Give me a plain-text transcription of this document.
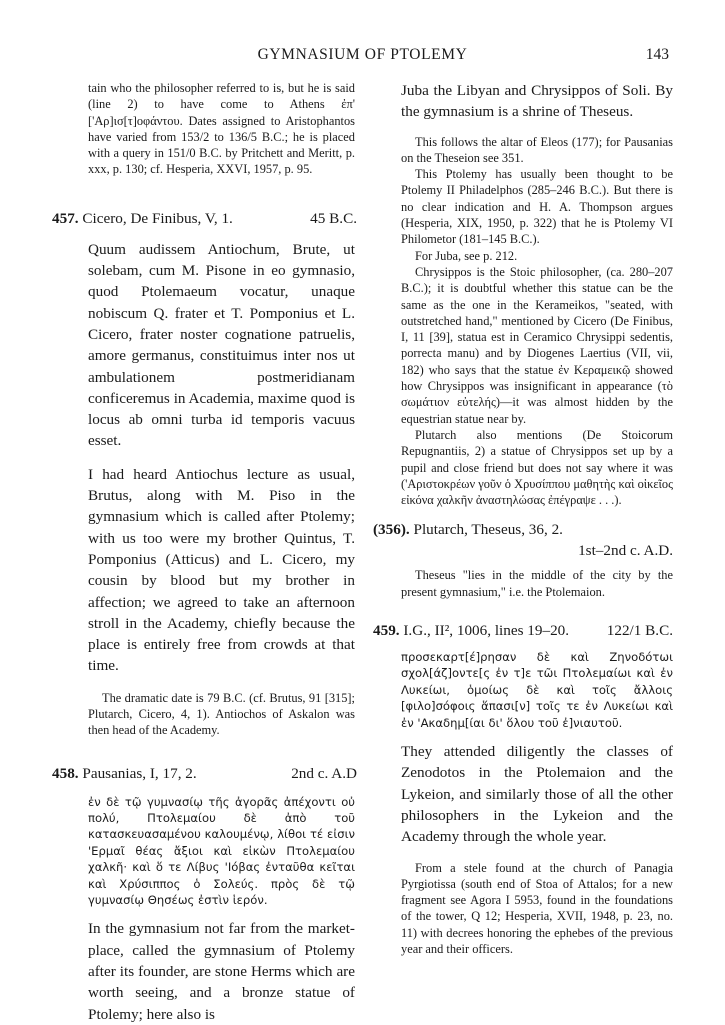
GYMNASIUM OF PTOLEMY	143

tain who the philosopher referred to is, but he is said (line 2) to have come to Athens ἐπ' ['Αρ]ισ[τ]οφάντου. Dates assigned to Aristophantos have varied from 153/2 to 136/5 B.C.; he is placed with a query in 151/0 B.C. by Pritchett and Meritt, p. xxx, p. 130; cf. Hesperia, XXVI, 1957, p. 95.

457. Cicero, De Finibus, V, 1.	45 B.C.

Quum audissem Antiochum, Brute, ut solebam, cum M. Pisone in eo gymnasio, quod Ptolemaeum vocatur, unaque nobiscum Q. frater et T. Pomponius et L. Cicero, frater noster cognatione patruelis, amore germanus, constituimus inter nos ut ambulationem postmeridianam conficeremus in Academia, maxime quod is locus ab omni turba id temporis vacuus esset.

I had heard Antiochus lecture as usual, Brutus, along with M. Piso in the gymnasium which is called after Ptolemy; with us too were my brother Quintus, T. Pomponius (Atticus) and L. Cicero, my cousin by blood but my brother in affection; we agreed to take an afternoon stroll in the Academy, chiefly because the place is entirely free from crowds at that time.

The dramatic date is 79 B.C. (cf. Brutus, 91 [315]; Plutarch, Cicero, 4, 1). Antiochos of Askalon was then head of the Academy.

458. Pausanias, I, 17, 2.	2nd c. A.D

ἐν δὲ τῷ γυμνασίῳ τῆς ἀγορᾶς ἀπέχοντι οὐ πολύ, Πτολεμαίου δὲ ἀπὸ τοῦ κατασκευασαμένου καλουμένῳ, λίθοι τέ εἰσιν 'Ερμαῖ θέας ἄξιοι καὶ εἰκὼν Πτολεμαίου χαλκῆ· καὶ ὅ τε Λίβυς 'Ιόβας ἐνταῦθα κεῖται καὶ Χρύσιππος ὁ Σολεύς. πρὸς δὲ τῷ γυμνασίῳ Θησέως ἐστὶν ἱερόν.

In the gymnasium not far from the market-place, called the gymnasium of Ptolemy after its founder, are stone Herms which are worth seeing, and a bronze statue of Ptolemy; here also is

Juba the Libyan and Chrysippos of Soli. By the gymnasium is a shrine of Theseus.

This follows the altar of Eleos (177); for Pausanias on the Theseion see 351.

This Ptolemy has usually been thought to be Ptolemy II Philadelphos (285–246 B.C.). But there is no clear indication and H. A. Thompson argues (Hesperia, XIX, 1950, p. 322) that he is Ptolemy VI Philometor (181–145 B.C.).

For Juba, see p. 212.

Chrysippos is the Stoic philosopher, (ca. 280–207 B.C.); it is doubtful whether this statue can be the same as the one in the Kerameikos, "seated, with outstretched hand," mentioned by Cicero (De Finibus, I, 11 [39], statua est in Ceramico Chrysippi sedentis, porrecta manu) and by Diogenes Laertius (VII, vii, 182) who says that the statue ἐν Κεραμεικῷ showed how Chrysippos was insignificant in appearance (τὸ σωμάτιον εὐτελής)—it was almost hidden by the equestrian statue near by.

Plutarch also mentions (De Stoicorum Repugnantiis, 2) a statue of Chrysippos set up by a pupil and close friend but does not say where it was ('Αριστοκρέων γοῦν ὁ Χρυσίππου μαθητὴς καὶ οἰκεῖος εἰκόνα χαλκῆν ἀναστηλώσας ἐπέγραψε . . .).

(356). Plutarch, Theseus, 36, 2.
1st–2nd c. A.D.

Theseus "lies in the middle of the city by the present gymnasium," i.e. the Ptolemaion.

459. I.G., II², 1006, lines 19–20. 122/1 B.C.

προσεκαρτ[έ]ρησαν δὲ καὶ Ζηνοδότωι σχολ[άζ]οντε[ς ἐν τ]ε τῶι Πτολεμαίωι καὶ ἐν Λυκείωι, ὁμοίως δὲ καὶ τοῖς ἄλλοις [φιλο]σόφοις ἅπασι[ν] τοῖς τε ἐν Λυκείωι καὶ ἐν 'Ακαδημ[ίαι δι' ὅλου τοῦ ἐ]νιαυτοῦ.

They attended diligently the classes of Zenodotos in the Ptolemaion and the Lykeion, and similarly those of all the other philosophers in the Lykeion and the Academy through the whole year.

From a stele found at the church of Panagia Pyrgiotissa (south end of Stoa of Attalos; for a new fragment see Agora I 5953, found in the foundations of the tower, Q 12; Hesperia, XVII, 1948, p. 23, no. 11) with decrees honoring the ephebes of the previous year and their officers.
